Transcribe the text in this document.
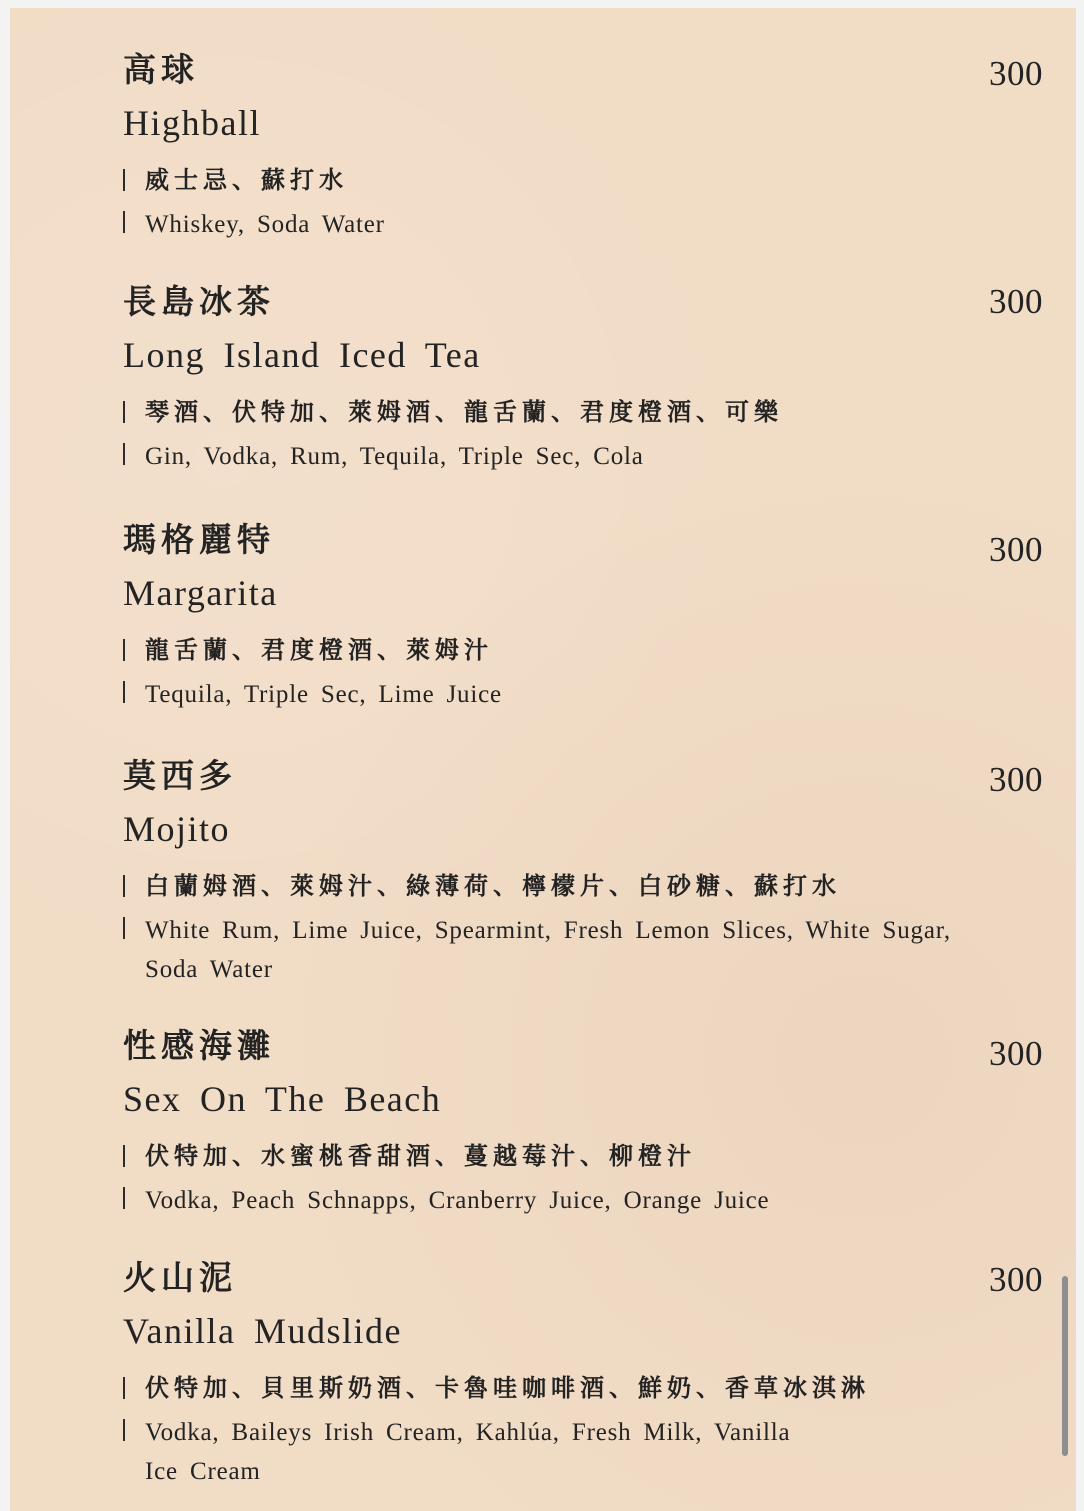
高球	300
Highball
威士忌、蘇打水
Whiskey, Soda Water
長島冰茶	300
Long Island Iced Tea
琴酒、伏特加、萊姆酒、龍舌蘭、君度橙酒、可樂
Gin, Vodka, Rum, Tequila, Triple Sec, Cola
瑪格麗特	300
Margarita
龍舌蘭、君度橙酒、萊姆汁
Tequila, Triple Sec, Lime Juice
莫西多	300
Mojito
白蘭姆酒、萊姆汁、綠薄荷、檸檬片、白砂糖、蘇打水
White Rum, Lime Juice, Spearmint, Fresh Lemon Slices, White Sugar, Soda Water
性感海灘	300
Sex On The Beach
伏特加、水蜜桃香甜酒、蔓越莓汁、柳橙汁
Vodka, Peach Schnapps, Cranberry Juice, Orange Juice
火山泥	300
Vanilla Mudslide
伏特加、貝里斯奶酒、卡魯哇咖啡酒、鮮奶、香草冰淇淋
Vodka, Baileys Irish Cream, Kahlúa, Fresh Milk, Vanilla Ice Cream
